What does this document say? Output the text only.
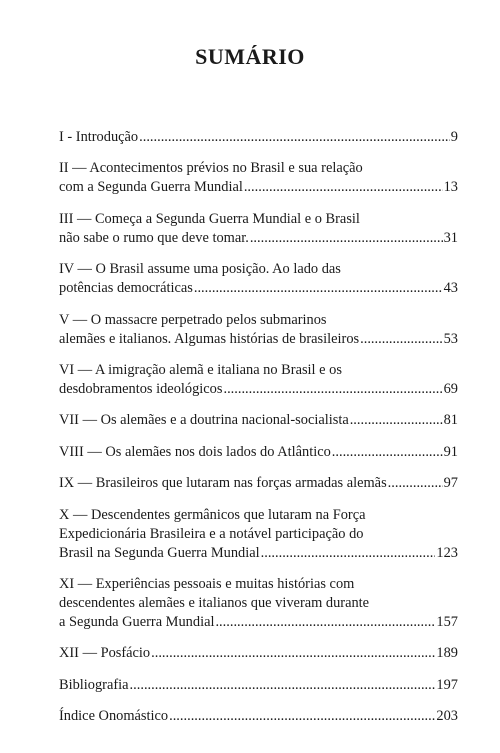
SUMÁRIO
I - Introdução .....	9
II — Acontecimentos prévios no Brasil e sua relação
com a Segunda Guerra Mundial .....	13
III — Começa a Segunda Guerra Mundial e o Brasil
não sabe o rumo que deve tomar. .....	31
IV — O Brasil assume uma posição. Ao lado das
potências democráticas .....	43
V — O massacre perpetrado pelos submarinos
alemães e italianos. Algumas histórias de brasileiros .....	53
VI — A imigração alemã e italiana no Brasil e os
desdobramentos ideológicos .....	69
VII — Os alemães e a doutrina nacional-socialista .....	81
VIII — Os alemães nos dois lados do Atlântico .....	91
IX — Brasileiros que lutaram nas forças armadas alemãs .....	97
X — Descendentes germânicos que lutaram na Força
Expedicionária Brasileira e a notável participação do
Brasil na Segunda Guerra Mundial .....	123
XI — Experiências pessoais e muitas histórias com
descendentes alemães e italianos que viveram durante
a Segunda Guerra Mundial .....	157
XII — Posfácio .....	189
Bibliografia .....	197
Índice Onomástico .....	203
